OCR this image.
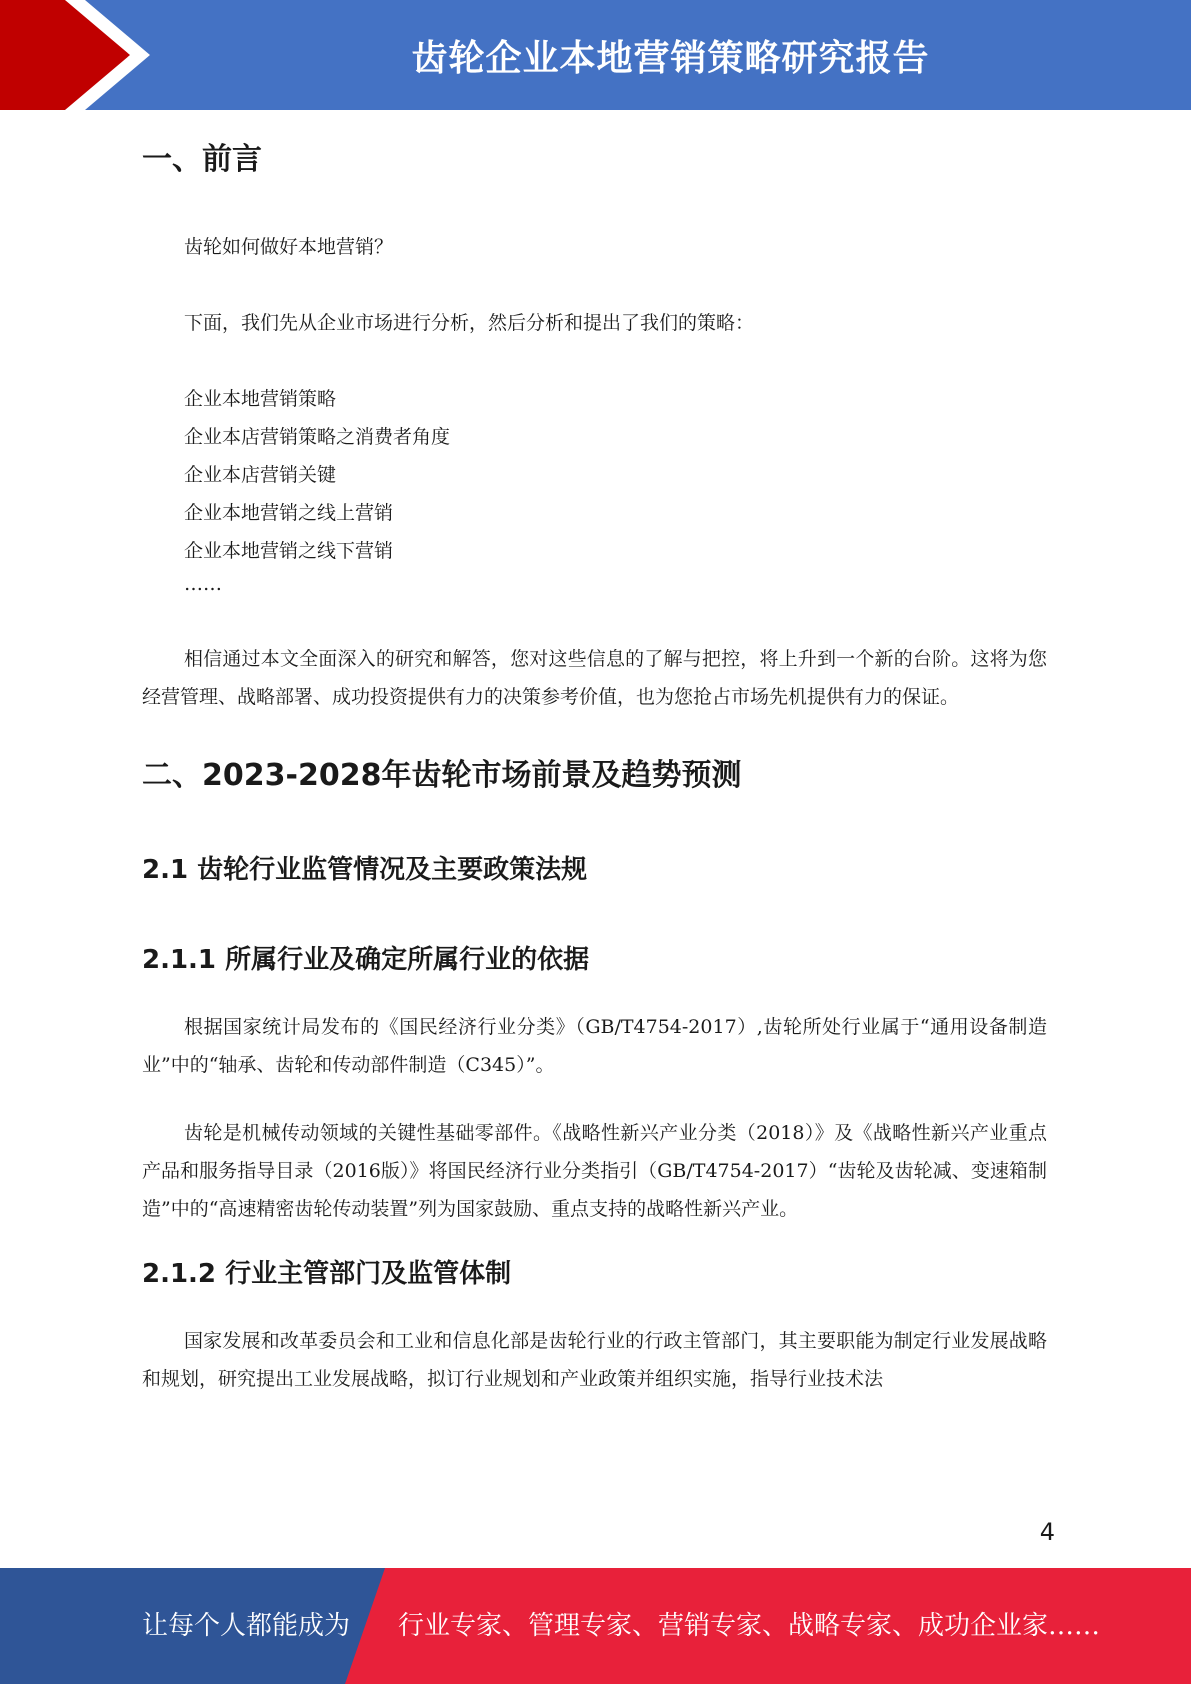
齿轮企业本地营销策略研究报告
一、前言

齿轮如何做好本地营销？

下面，我们先从企业市场进行分析，然后分析和提出了我们的策略：

企业本地营销策略

企业本店营销策略之消费者角度

企业本店营销关键

企业本地营销之线上营销

企业本地营销之线下营销

……

相信通过本文全面深入的研究和解答，您对这些信息的了解与把控，将上升到一个新的台阶。这将为您经营管理、战略部署、成功投资提供有力的决策参考价值，也为您抢占市场先机提供有力的保证。

二、2023-2028年齿轮市场前景及趋势预测
2.1 齿轮行业监管情况及主要政策法规
2.1.1 所属行业及确定所属行业的依据

根据国家统计局发布的《国民经济行业分类》（GB/T4754-2017）,齿轮所处行业属于“通用设备制造业”中的“轴承、齿轮和传动部件制造（C345）”。

齿轮是机械传动领域的关键性基础零部件。《战略性新兴产业分类（2018）》及《战略性新兴产业重点产品和服务指导目录（2016版）》将国民经济行业分类指引（GB/T4754-2017）“齿轮及齿轮减、变速箱制造”中的“高速精密齿轮传动装置”列为国家鼓励、重点支持的战略性新兴产业。

2.1.2 行业主管部门及监管体制

国家发展和改革委员会和工业和信息化部是齿轮行业的行政主管部门，其主要职能为制定行业发展战略和规划，研究提出工业发展战略，拟订行业规划和产业政策并组织实施，指导行业技术法

4
让每个人都能成为 行业专家、管理专家、营销专家、战略专家、成功企业家……
